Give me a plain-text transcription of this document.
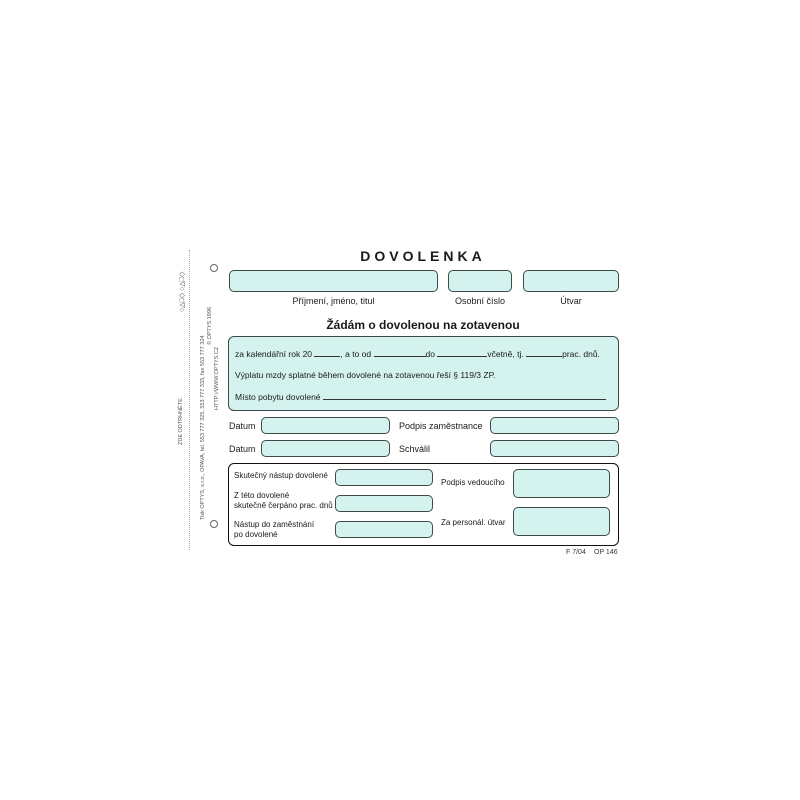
○△□◇ ○△□◇
ZDE ODTRHNĚTE	Tisk OPTYS, s.r.o., OPAVA, tel. 553 777 325, 553 777 333, fax 553 777 324
© OPTYS 1996
HTTP://WWW.OPTYS.CZ
DOVOLENKA
Příjmení, jméno, titul	Osobní číslo	Útvar
Žádám o dovolenou na zotavenou
za kalendářní rok 20	, a to od	do	včetně, tj.	prac. dnů.
Výplatu mzdy splatné během dovolené na zotavenou řeší § 119/3 ZP.
Místo pobytu dovolené
Datum	Podpis zaměstnance
Datum	Schválil
Skutečný nástup dovolené
Z této dovolené
skutečně čerpáno prac. dnů
Nástup do zaměstnání
po dovolené
Podpis vedoucího
Za personál. útvar
F 7/04 OP 146
